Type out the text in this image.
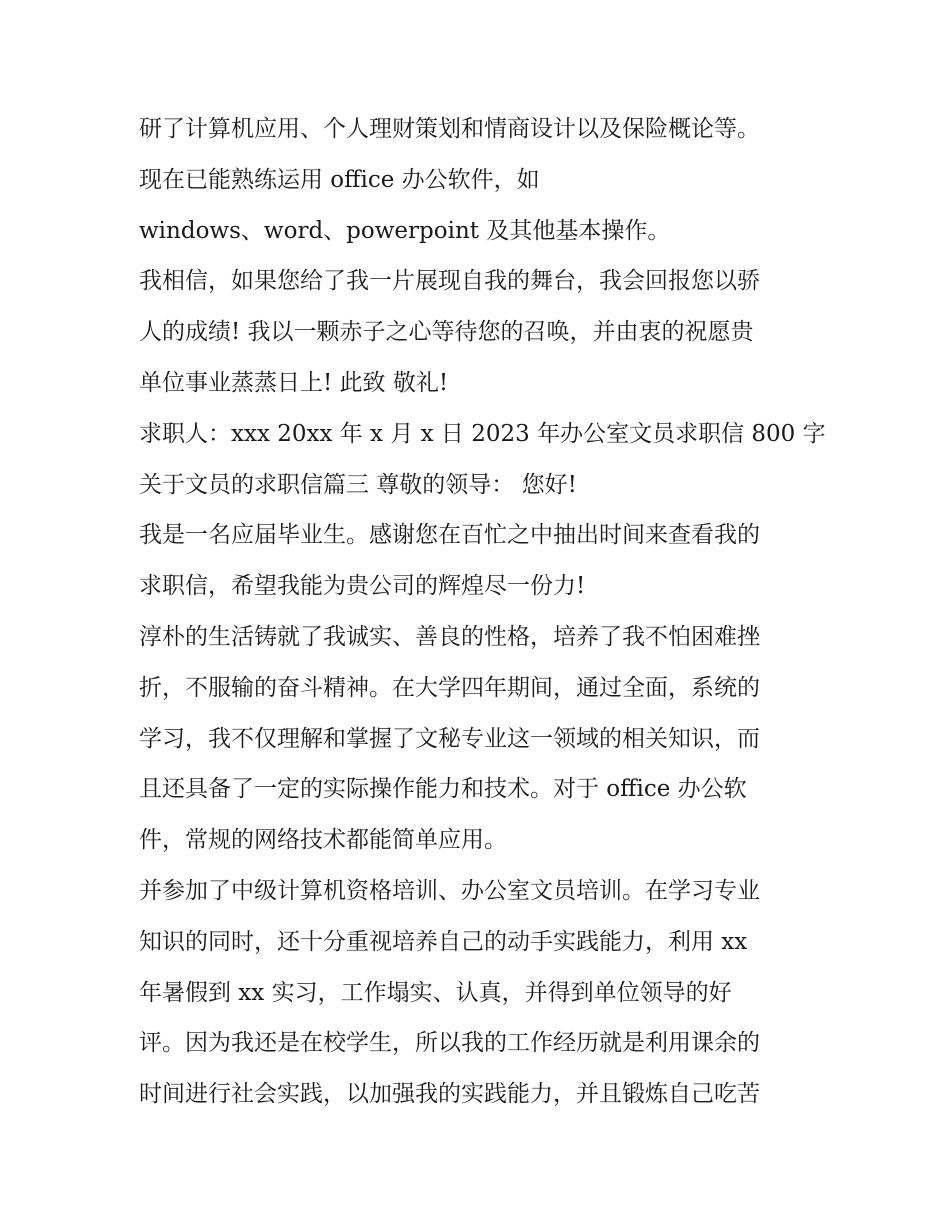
研了计算机应用、个人理财策划和情商设计以及保险概论等。
现在已能熟练运用 office 办公软件，如
windows、word、powerpoint 及其他基本操作。
我相信，如果您给了我一片展现自我的舞台，我会回报您以骄
人的成绩! 我以一颗赤子之心等待您的召唤，并由衷的祝愿贵
单位事业蒸蒸日上! 此致 敬礼!
求职人：xxx 20xx 年 x 月 x 日 2023 年办公室文员求职信 800 字
关于文员的求职信篇三 尊敬的领导： 您好!
我是一名应届毕业生。感谢您在百忙之中抽出时间来查看我的
求职信，希望我能为贵公司的辉煌尽一份力!
淳朴的生活铸就了我诚实、善良的性格，培养了我不怕困难挫
折，不服输的奋斗精神。在大学四年期间，通过全面，系统的
学习，我不仅理解和掌握了文秘专业这一领域的相关知识，而
且还具备了一定的实际操作能力和技术。对于 office 办公软
件，常规的网络技术都能简单应用。
并参加了中级计算机资格培训、办公室文员培训。在学习专业
知识的同时，还十分重视培养自己的动手实践能力，利用 xx
年暑假到 xx 实习，工作塌实、认真，并得到单位领导的好
评。因为我还是在校学生，所以我的工作经历就是利用课余的
时间进行社会实践，以加强我的实践能力，并且锻炼自己吃苦
